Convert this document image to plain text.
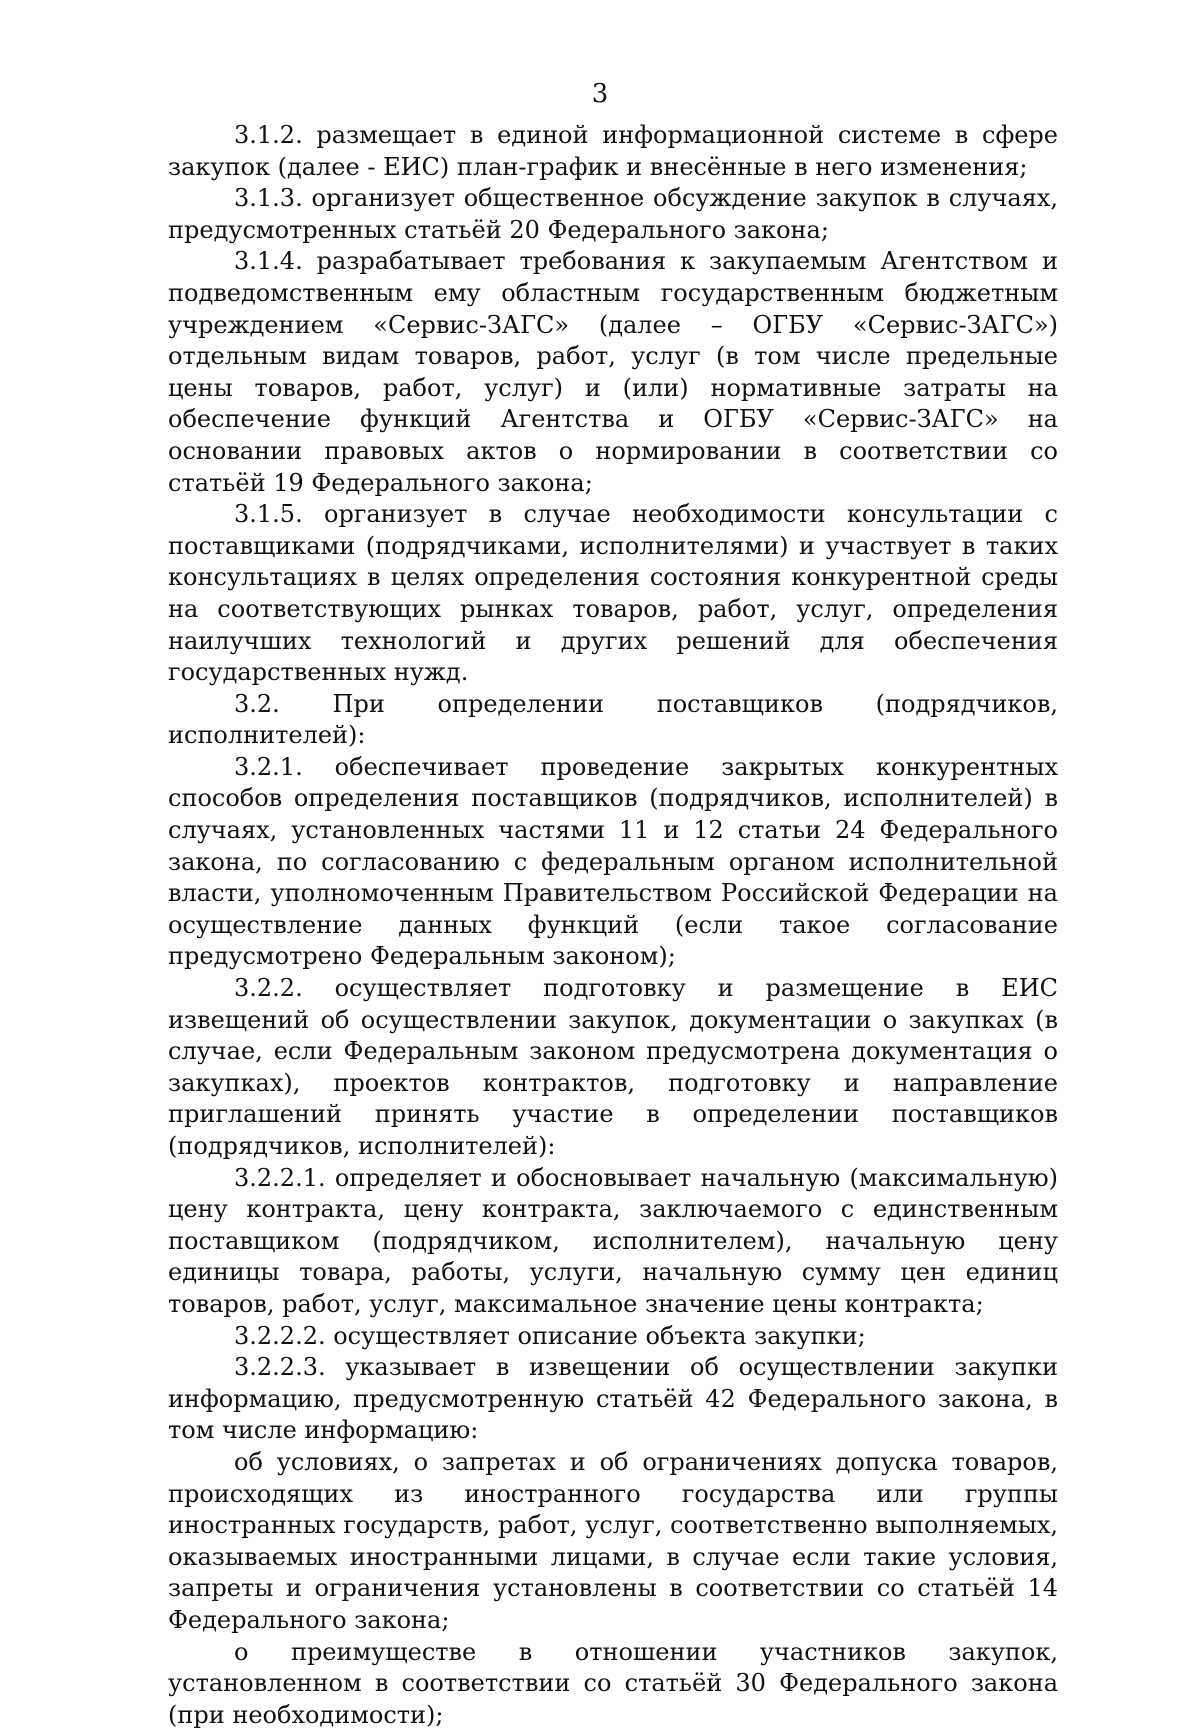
3

3.1.2. размещает в единой информационной системе в сфере закупок (далее - ЕИС) план-график и внесённые в него изменения;

3.1.3. организует общественное обсуждение закупок в случаях, предусмотренных статьёй 20 Федерального закона;

3.1.4. разрабатывает требования к закупаемым Агентством и подведомственным ему областным государственным бюджетным учреждением «Сервис-ЗАГС» (далее – ОГБУ «Сервис-ЗАГС») отдельным видам товаров, работ, услуг (в том числе предельные цены товаров, работ, услуг) и (или) нормативные затраты на обеспечение функций Агентства и ОГБУ «Сервис-ЗАГС» на основании правовых актов о нормировании в соответствии со статьёй 19 Федерального закона;

3.1.5. организует в случае необходимости консультации с поставщиками (подрядчиками, исполнителями) и участвует в таких консультациях в целях определения состояния конкурентной среды на соответствующих рынках товаров, работ, услуг, определения наилучших технологий и других решений для обеспечения государственных нужд.

3.2. При определении поставщиков (подрядчиков, исполнителей):

3.2.1. обеспечивает проведение закрытых конкурентных способов определения поставщиков (подрядчиков, исполнителей) в случаях, установленных частями 11 и 12 статьи 24 Федерального закона, по согласованию с федеральным органом исполнительной власти, уполномоченным Правительством Российской Федерации на осуществление данных функций (если такое согласование предусмотрено Федеральным законом);

3.2.2. осуществляет подготовку и размещение в ЕИС извещений об осуществлении закупок, документации о закупках (в случае, если Федеральным законом предусмотрена документация о закупках), проектов контрактов, подготовку и направление приглашений принять участие в определении поставщиков (подрядчиков, исполнителей):

3.2.2.1. определяет и обосновывает начальную (максимальную) цену контракта, цену контракта, заключаемого с единственным поставщиком (подрядчиком, исполнителем), начальную цену единицы товара, работы, услуги, начальную сумму цен единиц товаров, работ, услуг, максимальное значение цены контракта;

3.2.2.2. осуществляет описание объекта закупки;

3.2.2.3. указывает в извещении об осуществлении закупки информацию, предусмотренную статьёй 42 Федерального закона, в том числе информацию:

об условиях, о запретах и об ограничениях допуска товаров, происходящих из иностранного государства или группы иностранных государств, работ, услуг, соответственно выполняемых, оказываемых иностранными лицами, в случае если такие условия, запреты и ограничения установлены в соответствии со статьёй 14 Федерального закона;

о преимуществе в отношении участников закупок, установленном в соответствии со статьёй 30 Федерального закона (при необходимости);
